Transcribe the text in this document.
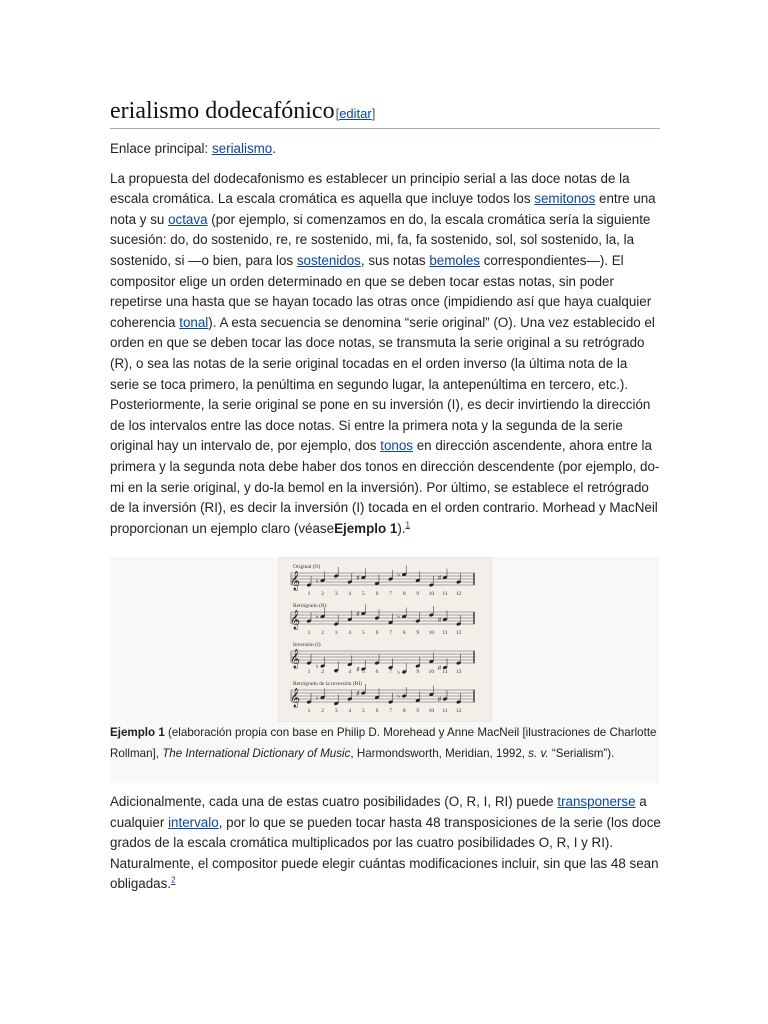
erialismo dodecafónico[editar]

Enlace principal: serialismo.

La propuesta del dodecafonismo es establecer un principio serial a las doce notas de la escala cromática. La escala cromática es aquella que incluye todos los semitonos entre una nota y su octava (por ejemplo, si comenzamos en do, la escala cromática sería la siguiente sucesión: do, do sostenido, re, re sostenido, mi, fa, fa sostenido, sol, sol sostenido, la, la sostenido, si —o bien, para los sostenidos, sus notas bemoles correspondientes—). El compositor elige un orden determinado en que se deben tocar estas notas, sin poder repetirse una hasta que se hayan tocado las otras once (impidiendo así que haya cualquier coherencia tonal). A esta secuencia se denomina “serie original” (O). Una vez establecido el orden en que se deben tocar las doce notas, se transmuta la serie original a su retrógrado (R), o sea las notas de la serie original tocadas en el orden inverso (la última nota de la serie se toca primero, la penúltima en segundo lugar, la antepenúltima en tercero, etc.). Posteriormente, la serie original se pone en su inversión (I), es decir invirtiendo la dirección de los intervalos entre las doce notas. Si entre la primera nota y la segunda de la serie original hay un intervalo de, por ejemplo, dos tonos en dirección ascendente, ahora entre la primera y la segunda nota debe haber dos tonos en dirección descendente (por ejemplo, do-mi en la serie original, y do-la bemol en la inversión). Por último, se establece el retrógrado de la inversión (RI), es decir la inversión (I) tocada en el orden contrario. Morhead y MacNeil proporcionan un ejemplo claro (véaseEjemplo 1).$^1$

Original (O)
𝄞
1
♭
2 3 4
♯
5 6 7
♭
8 9 10
♯
11 12
Retrógrado (R)
𝄞
1
♭
2 3 4
♯
5 6 7
♭
8 9 10
♯
11 12
Inversión (I)
𝄞
1
♭
2 3 4 ♯ 5 6 7 ♭ 8 9 10
♯
11 12
Retrógrado de la inversión (RI)
𝄞
1
♭
2 3 4
♯
5 6 7
♭
8 9 10
♯
11 12
Ejemplo 1 (elaboración propia con base en Philip D. Morehead y Anne MacNeil [ilustraciones de Charlotte Rollman], The International Dictionary of Music, Harmondsworth, Meridian, 1992, s. v. “Serialism”).

Adicionalmente, cada una de estas cuatro posibilidades (O, R, I, RI) puede transponerse a cualquier intervalo, por lo que se pueden tocar hasta 48 transposiciones de la serie (los doce grados de la escala cromática multiplicados por las cuatro posibilidades O, R, I y RI). Naturalmente, el compositor puede elegir cuántas modificaciones incluir, sin que las 48 sean obligadas.$^2$
